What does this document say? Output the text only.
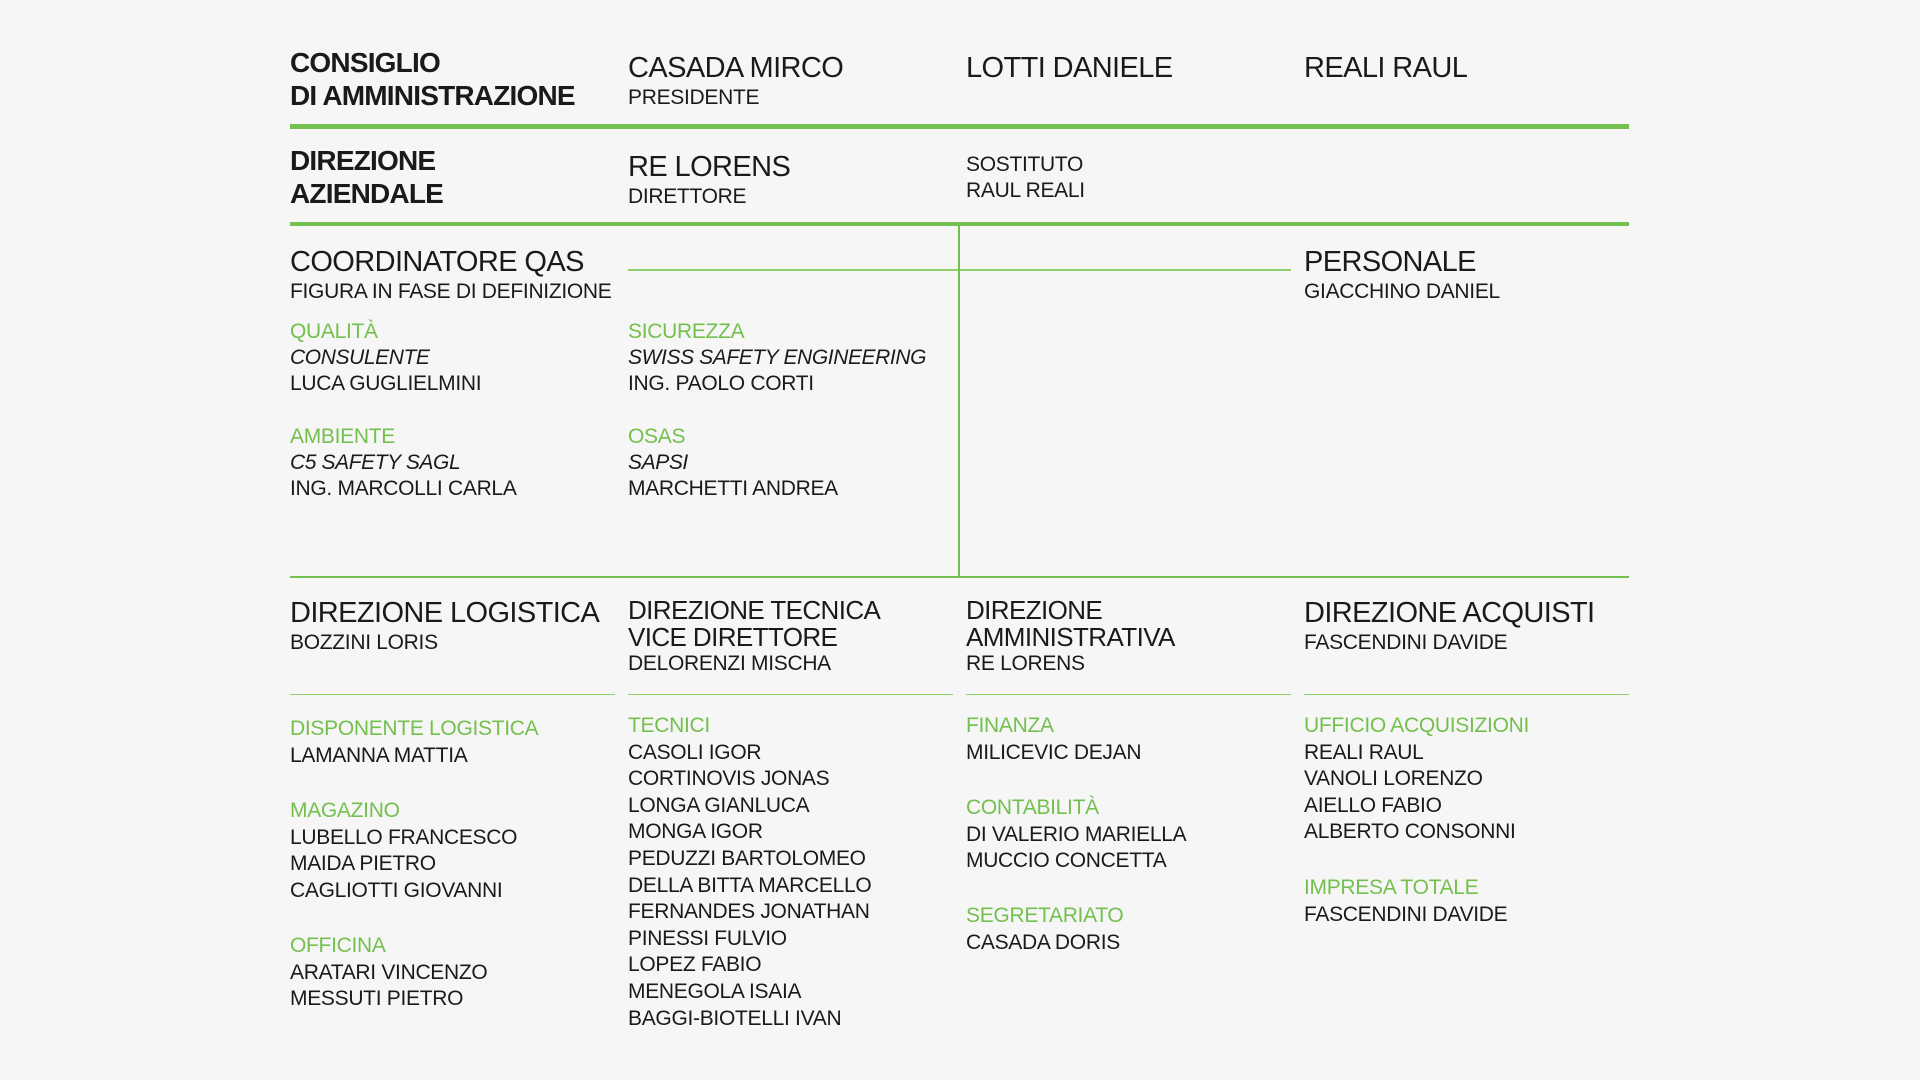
CONSIGLIO
DI AMMINISTRAZIONE
CASADA MIRCO
PRESIDENTE
LOTTI DANIELE	REALI RAUL
DIREZIONE
AZIENDALE
RE LORENS
DIRETTORE
SOSTITUTO
RAUL REALI
COORDINATORE QAS
FIGURA IN FASE DI DEFINIZIONE
QUALITÀ
CONSULENTE
LUCA GUGLIELMINI
AMBIENTE
C5 SAFETY SAGL
ING. MARCOLLI CARLA
SICUREZZA
SWISS SAFETY ENGINEERING
ING. PAOLO CORTI
OSAS
SAPSI
MARCHETTI ANDREA
PERSONALE
GIACCHINO DANIEL
DIREZIONE LOGISTICA
BOZZINI LORIS
DISPONENTE LOGISTICA
LAMANNA MATTIA
MAGAZINO
LUBELLO FRANCESCO
MAIDA PIETRO
CAGLIOTTI GIOVANNI
OFFICINA
ARATARI VINCENZO
MESSUTI PIETRO
DIREZIONE TECNICA
VICE DIRETTORE
DELORENZI MISCHA
TECNICI
CASOLI IGOR
CORTINOVIS JONAS
LONGA GIANLUCA
MONGA IGOR
PEDUZZI BARTOLOMEO
DELLA BITTA MARCELLO
FERNANDES JONATHAN
PINESSI FULVIO
LOPEZ FABIO
MENEGOLA ISAIA
BAGGI-BIOTELLI IVAN
DIREZIONE
AMMINISTRATIVA
RE LORENS
FINANZA
MILICEVIC DEJAN
CONTABILITÀ
DI VALERIO MARIELLA
MUCCIO CONCETTA
SEGRETARIATO
CASADA DORIS
DIREZIONE ACQUISTI
FASCENDINI DAVIDE
UFFICIO ACQUISIZIONI
REALI RAUL
VANOLI LORENZO
AIELLO FABIO
ALBERTO CONSONNI
IMPRESA TOTALE
FASCENDINI DAVIDE
